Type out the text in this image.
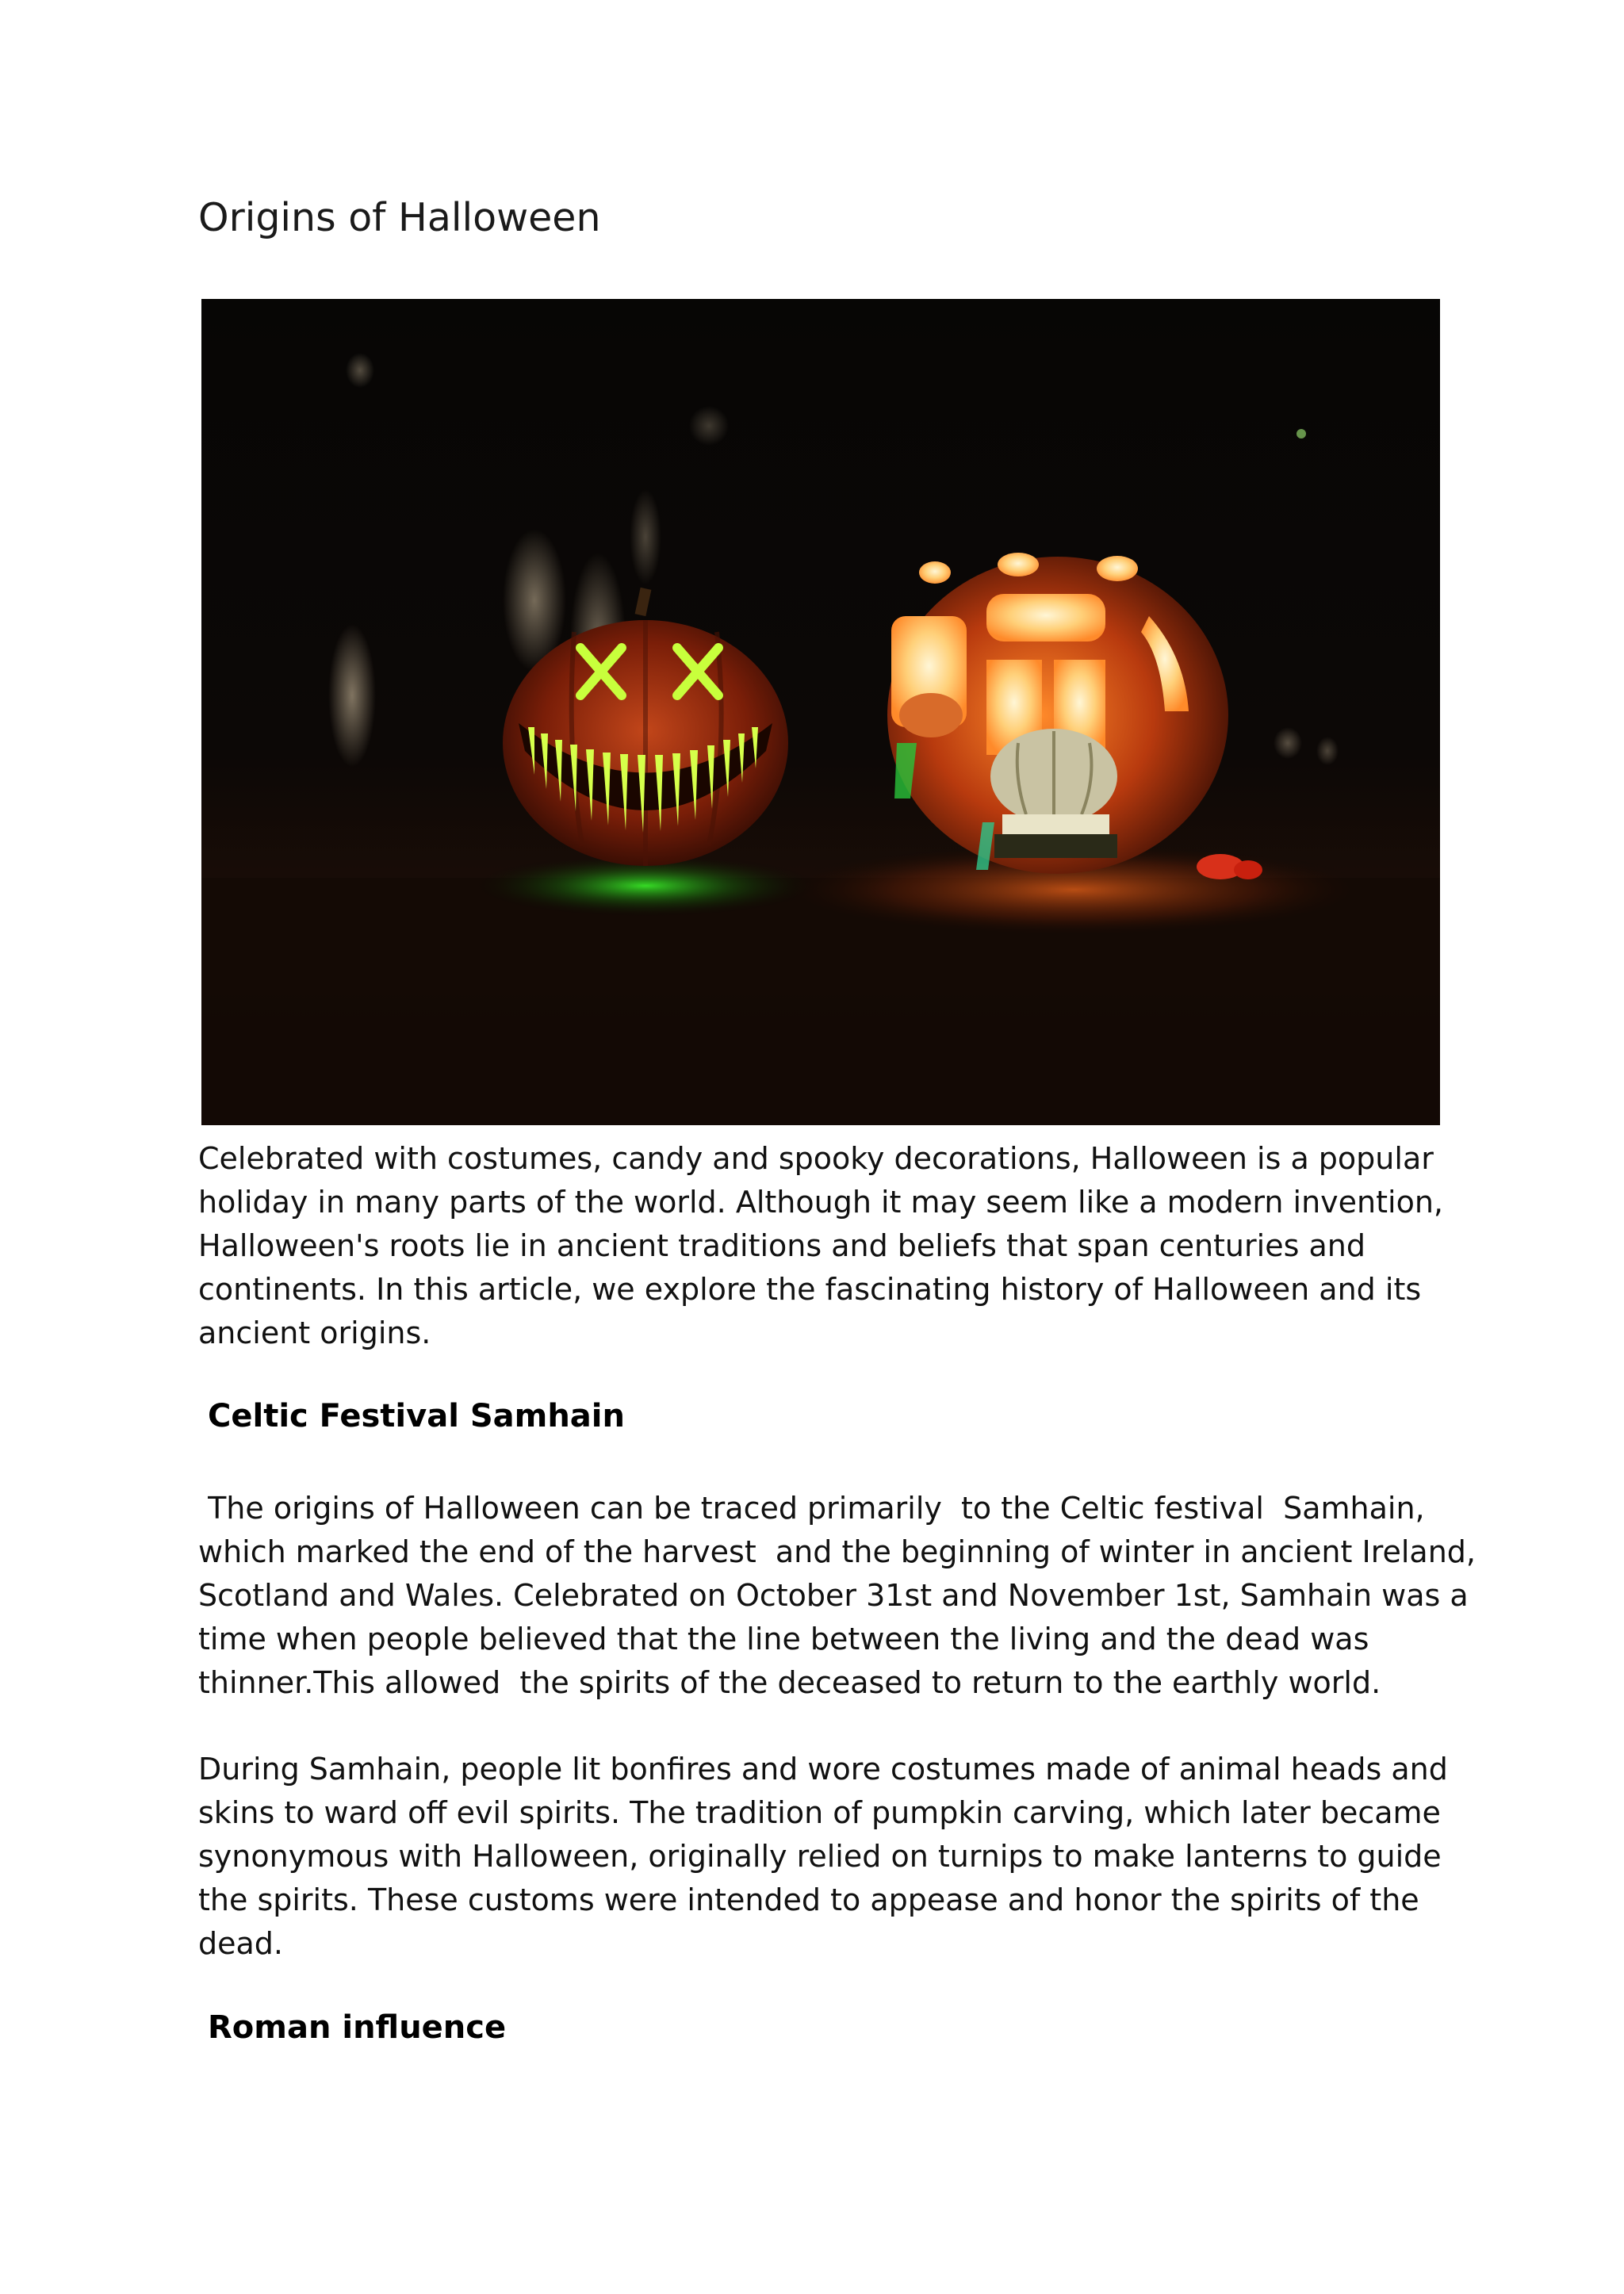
Origins of Halloween

Celebrated with costumes, candy and spooky decorations, Halloween is a popular
holiday in many parts of the world. Although it may seem like a modern invention,
Halloween's roots lie in ancient traditions and beliefs that span centuries and
continents. In this article, we explore the fascinating history of Halloween and its
ancient origins.

Celtic Festival Samhain

The origins of Halloween can be traced primarily  to the Celtic festival  Samhain,
which marked the end of the harvest  and the beginning of winter in ancient Ireland,
Scotland and Wales. Celebrated on October 31st and November 1st, Samhain was a
time when people believed that the line between the living and the dead was
thinner.This allowed  the spirits of the deceased to return to the earthly world.

During Samhain, people lit bonfires and wore costumes made of animal heads and
skins to ward off evil spirits. The tradition of pumpkin carving, which later became
synonymous with Halloween, originally relied on turnips to make lanterns to guide
the spirits. These customs were intended to appease and honor the spirits of the
dead.

Roman influence
